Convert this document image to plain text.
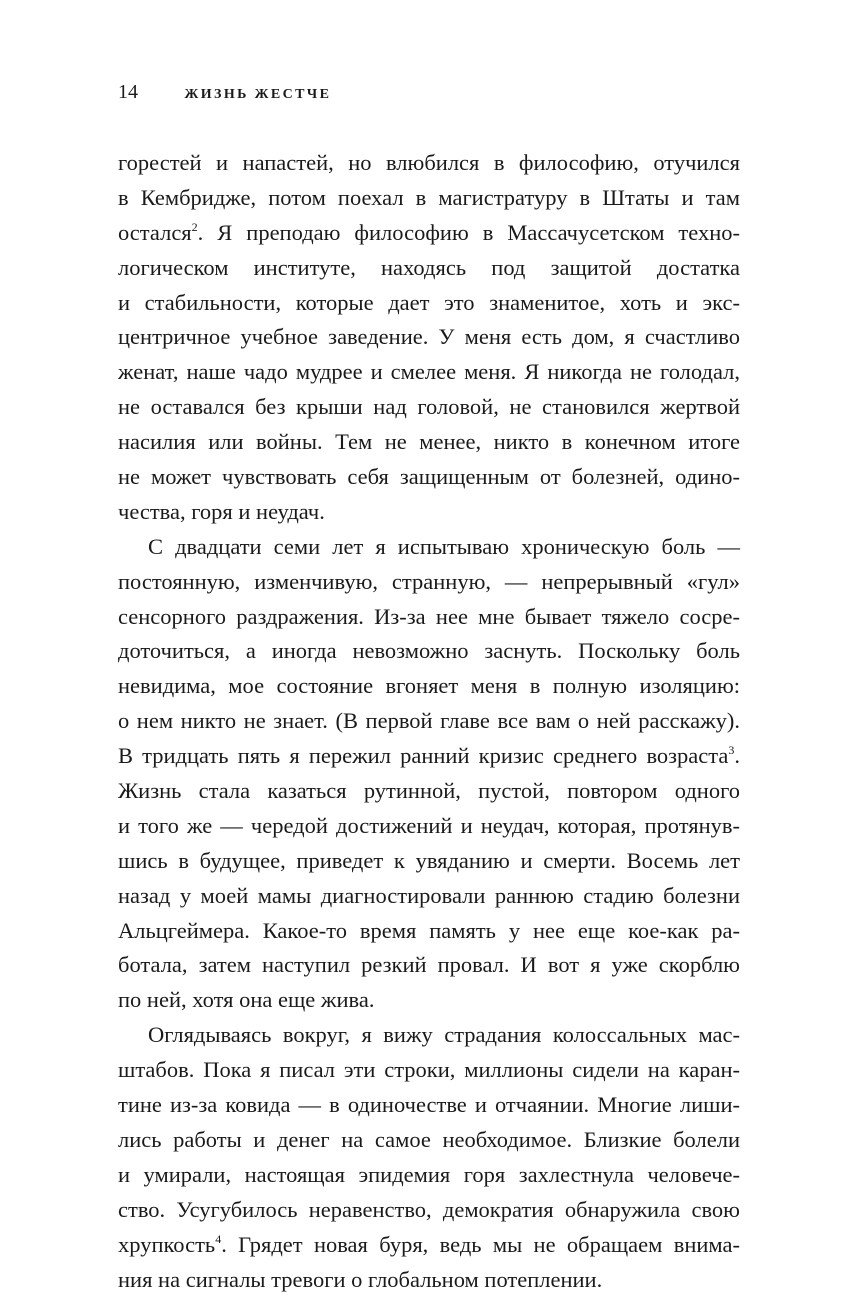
14	ЖИЗНЬ ЖЕСТЧЕ
горестей и напастей, но влюбился в философию, отучился
в Кембридже, потом поехал в магистратуру в Штаты и там
остался$^2$. Я преподаю философию в Массачусетском техно-
логическом институте, находясь под защитой достатка
и стабильности, которые дает это знаменитое, хоть и экс-
центричное учебное заведение. У меня есть дом, я счастливо
женат, наше чадо мудрее и смелее меня. Я никогда не голодал,
не оставался без крыши над головой, не становился жертвой
насилия или войны. Тем не менее, никто в конечном итоге
не может чувствовать себя защищенным от болезней, одино-
чества, горя и неудач.
С двадцати семи лет я испытываю хроническую боль —
постоянную, изменчивую, странную, — непрерывный «гул»
сенсорного раздражения. Из-за нее мне бывает тяжело сосре-
доточиться, а иногда невозможно заснуть. Поскольку боль
невидима, мое состояние вгоняет меня в полную изоляцию:
о нем никто не знает. (В первой главе все вам о ней расскажу).
В тридцать пять я пережил ранний кризис среднего возраста$^3$.
Жизнь стала казаться рутинной, пустой, повтором одного
и того же — чередой достижений и неудач, которая, протянув-
шись в будущее, приведет к увяданию и смерти. Восемь лет
назад у моей мамы диагностировали раннюю стадию болезни
Альцгеймера. Какое-то время память у нее еще кое-как ра-
ботала, затем наступил резкий провал. И вот я уже скорблю
по ней, хотя она еще жива.
Оглядываясь вокруг, я вижу страдания колоссальных мас-
штабов. Пока я писал эти строки, миллионы сидели на каран-
тине из-за ковида — в одиночестве и отчаянии. Многие лиши-
лись работы и денег на самое необходимое. Близкие болели
и умирали, настоящая эпидемия горя захлестнула человече-
ство. Усугубилось неравенство, демократия обнаружила свою
хрупкость$^4$. Грядет новая буря, ведь мы не обращаем внима-
ния на сигналы тревоги о глобальном потеплении.
